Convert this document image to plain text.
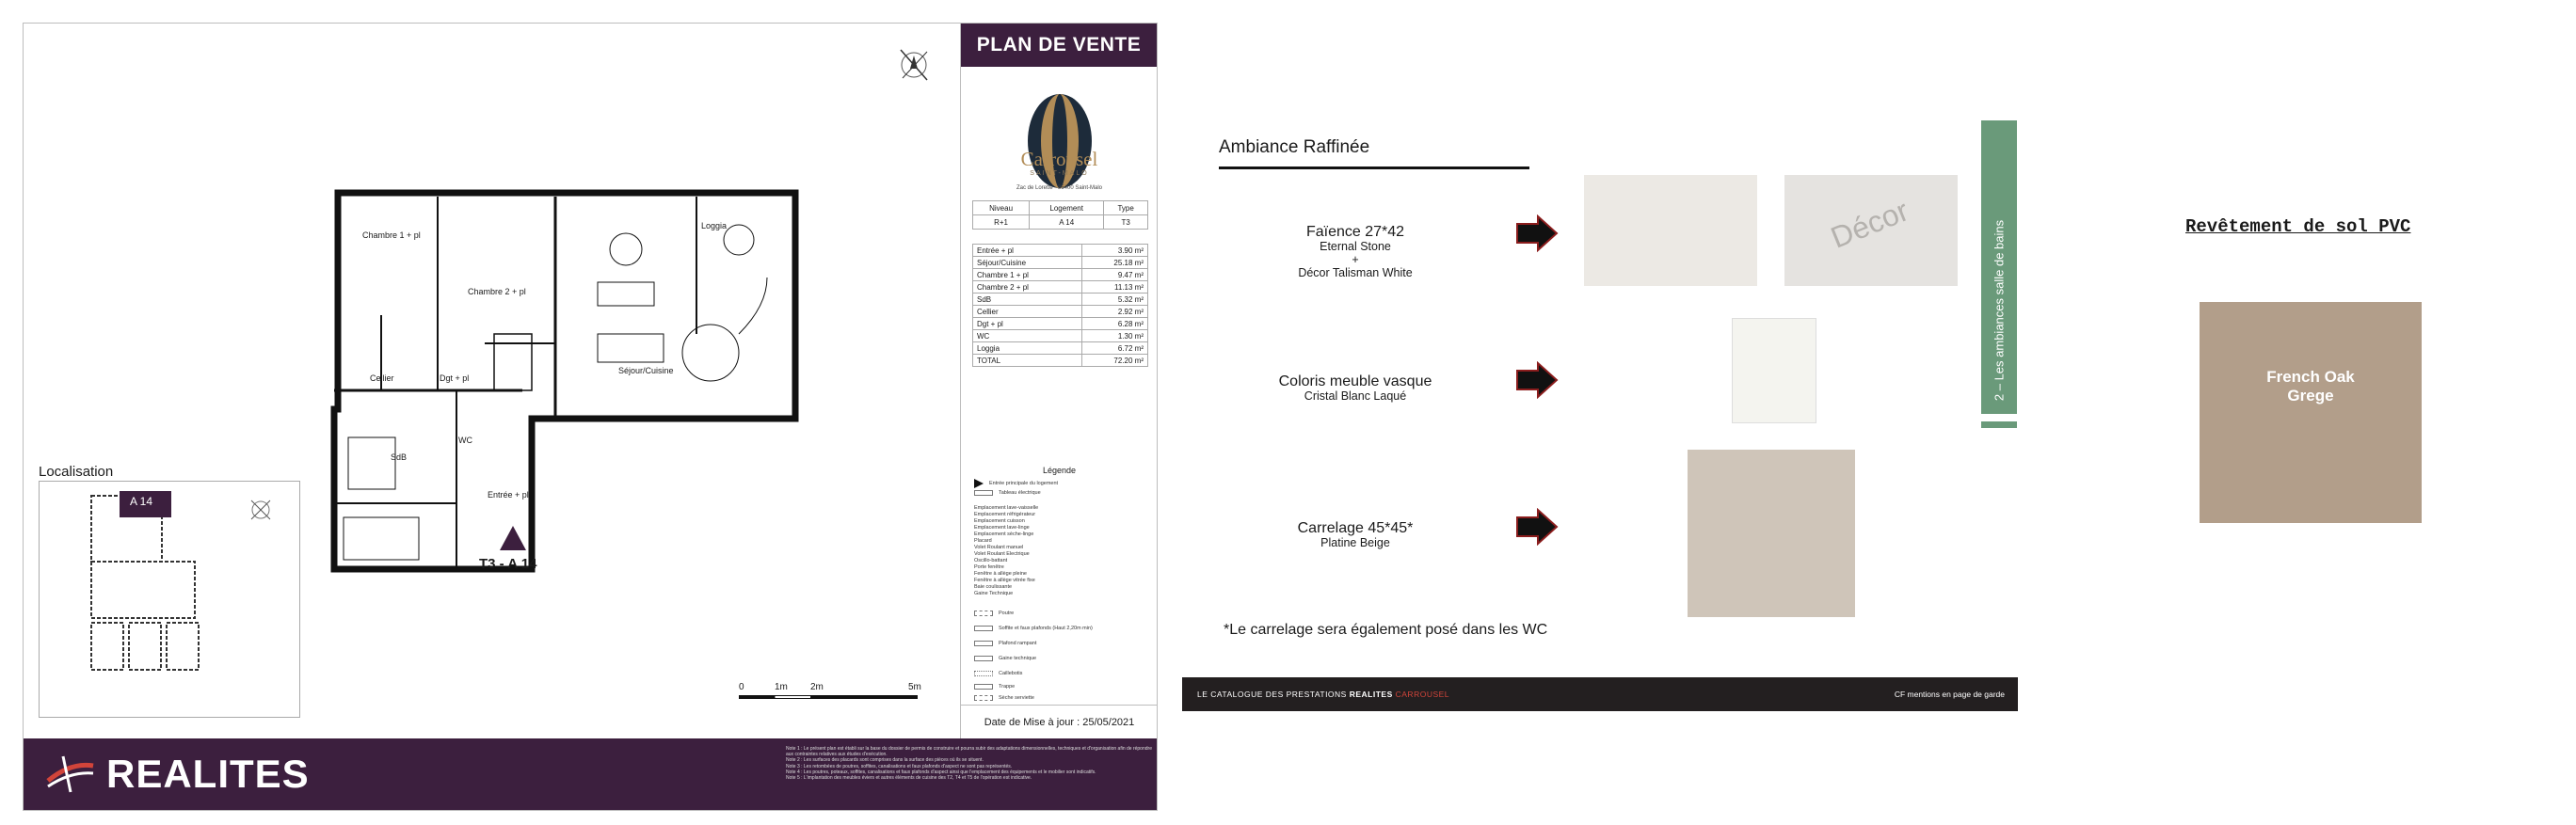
Chambre 1 + pl
Chambre 2 + pl
Séjour/Cuisine
Loggia
Cellier	Dgt + pl
SdB
WC
Entrée + pl
T3 - A 14
Localisation
A 14
0	1m 2m	5m
PLAN DE VENTE
Carrousel
SAINT-MALO
Zac de Lorette - 35400 Saint-Malo
Niveau	Logement	Type
R+1	A 14	T3
Entrée + pl	3.90 m²
Séjour/Cuisine	25.18 m²
Chambre 1 + pl	9.47 m²
Chambre 2 + pl	11.13 m²
SdB	5.32 m²
Cellier	2.92 m²
Dgt + pl	6.28 m²
WC	1.30 m²
Loggia	6.72 m²
TOTAL	72.20 m²
Légende
Entrée principale du logement
Tableau électrique
Emplacement lave-vaisselle
Emplacement réfrigérateur
Emplacement cuisson
Emplacement lave-linge
Emplacement sèche-linge
Placard
Volet Roulant manuel
Volet Roulant Electrique
Oscillo-battant
Porte fenêtre
Fenêtre à allège pleine
Fenêtre à allège vitrée fixe
Baie coulissante
Gaine Technique
Poutre
Soffite et faux plafonds (Haut 2,20m min)
Plafond rampant
Gaine technique
Caillebotis
Trappe
Sèche serviette
Date de Mise à jour : 25/05/2021
REALITES
Note 1 : Le présent plan est établi sur la base du dossier de permis de construire et pourra subir des adaptations dimensionnelles, techniques et d'organisation afin de répondre aux contraintes relatives aux études d'exécution.
Note 2 : Les surfaces des placards sont comprises dans la surface des pièces où ils se situent.
Note 3 : Les retombées de poutres, soffites, canalisations et faux plafonds d'aspect ne sont pas représentés.
Note 4 : Les poutres, poteaux, soffites, canalisations et faux plafonds d'aspect ainsi que l'emplacement des équipements et le mobilier sont indicatifs.
Note 5 : L'implantation des meubles éviers et autres éléments de cuisine des T2, T4 et T5 de l'opération est indicative.
Ambiance Raffinée
Faïence 27*42
Eternal Stone
+
Décor Talisman White
Décor
Coloris meuble vasque
Cristal Blanc Laqué
Carrelage 45*45*
Platine Beige
*Le carrelage sera également posé dans les WC
2 – Les ambiances salle de bains
LE CATALOGUE DES PRESTATIONS REALITES CARROUSEL	CF mentions en page de garde
Revêtement de sol PVC
French Oak
Grege
